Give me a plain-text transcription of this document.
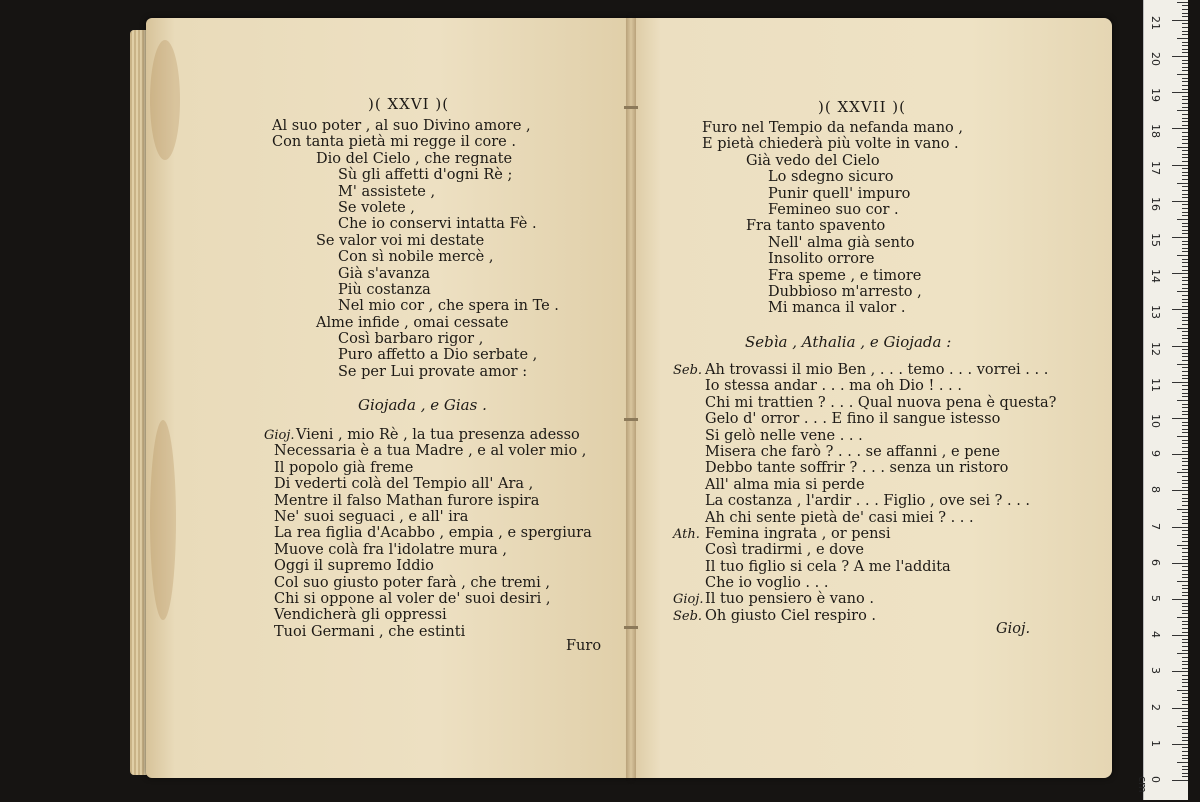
)( XXVI )(
Al suo poter , al suo Divino amore ,
Con tanta pietà mi regge il core .
Dio del Cielo , che regnate
Sù gli affetti d'ogni Rè ;
M' assistete ,
Se volete ,
Che io conservi intatta Fè .
Se valor voi mi destate
Con sì nobile mercè ,
Già s'avanza
Più costanza
Nel mio cor , che spera in Te .
Alme infide , omai cessate
Così barbaro rigor ,
Puro affetto a Dio serbate ,
Se per Lui provate amor :
Giojada , e Gias .
Gioj.Vieni , mio Rè , la tua presenza adesso
Necessaria è a tua Madre , e al voler mio ,
Il popolo già freme
Di vederti colà del Tempio all' Ara ,
Mentre il falso Mathan furore ispira
Ne' suoi seguaci , e all' ira
La rea figlia d'Acabbo , empia , e spergiura
Muove colà fra l'idolatre mura ,
Oggi il supremo Iddio
Col suo giusto poter farà , che tremi ,
Chi si oppone al voler de' suoi desiri ,
Vendicherà gli oppressi
Tuoi Germani , che estinti
Furo
)( XXVII )(
Furo nel Tempio da nefanda mano ,
E pietà chiederà più volte in vano .
Già vedo del Cielo
Lo sdegno sicuro
Punir quell' impuro
Femineo suo cor .
Fra tanto spavento
Nell' alma già sento
Insolito orrore
Fra speme , e timore
Dubbioso m'arresto ,
Mi manca il valor .
Sebìa , Athalia , e Giojada :
Seb. Ah trovassi il mio Ben , . . . temo . . . vorrei . . .
Io stessa andar . . . ma oh Dio ! . . .
Chi mi trattien ? . . . Qual nuova pena è questa?
Gelo d' orror . . . E fino il sangue istesso
Si gelò nelle vene . . .
Misera che farò ? . . . se affanni , e pene
Debbo tante soffrir ? . . . senza un ristoro
All' alma mia si perde
La costanza , l'ardir . . . Figlio , ove sei ? . . .
Ah chi sente pietà de' casi miei ? . . .
Ath. Femina ingrata , or pensi
Così tradirmi , e dove
Il tuo figlio si cela ? A me l'addita
Che io voglio . . .
Gioj.Il tuo pensiero è vano .
Seb. Oh giusto Ciel respiro .
Gioj.
0 cm
1
2
3
4
5
6
7
8
9
10
11
12
13
14
15
16
17
18
19
20
21
